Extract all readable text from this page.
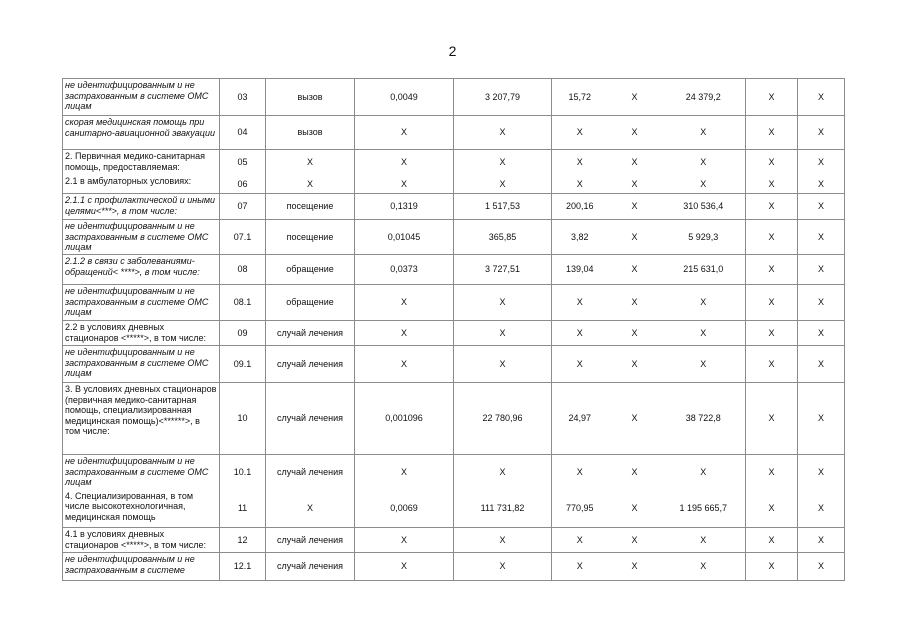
2
не идентифицированным и не застрахованным в системе ОМС лицам	03	вызов	0,0049	3 207,79	15,72	X	24 379,2	X	X
скорая медицинская помощь при санитарно-авиационной эвакуации	04	вызов	X	X	X	X	X	X	X
2. Первичная медико-санитарная помощь, предоставляемая:	05	X	X	X	X	X	X	X	X
2.1 в амбулаторных условиях:	06	X	X	X	X	X	X	X	X
2.1.1 с профилактической и иными целями<***>, в том числе:	07	посещение	0,1319	1 517,53	200,16	X	310 536,4	X	X
не идентифицированным и не застрахованным в системе ОМС лицам	07.1	посещение	0,01045	365,85	3,82	X	5 929,3	X	X
2.1.2 в связи с заболеваниями-обращений< ****>, в том числе:	08	обращение	0,0373	3 727,51	139,04	X	215 631,0	X	X
не идентифицированным и не застрахованным в системе ОМС лицам	08.1	обращение	X	X	X	X	X	X	X
2.2 в условиях дневных стационаров <*****>, в том числе:	09	случай лечения	X	X	X	X	X	X	X
не идентифицированным и не застрахованным в системе ОМС лицам	09.1	случай лечения	X	X	X	X	X	X	X
3. В условиях дневных стационаров (первичная медико-санитарная помощь, специализированная медицинская помощь)<******>, в том числе:	10	случай лечения	0,001096	22 780,96	24,97	X	38 722,8	X	X
не идентифицированным и не застрахованным в системе ОМС лицам	10.1	случай лечения	X	X	X	X	X	X	X
4. Специализированная, в том числе высокотехнологичная, медицинская помощь	11	X	0,0069	111 731,82	770,95	X	1 195 665,7	X	X
4.1 в условиях дневных стационаров <*****>, в том числе:	12	случай лечения	X	X	X	X	X	X	X
не идентифицированным и не застрахованным в системе	12.1	случай лечения	X	X	X	X	X	X	X
